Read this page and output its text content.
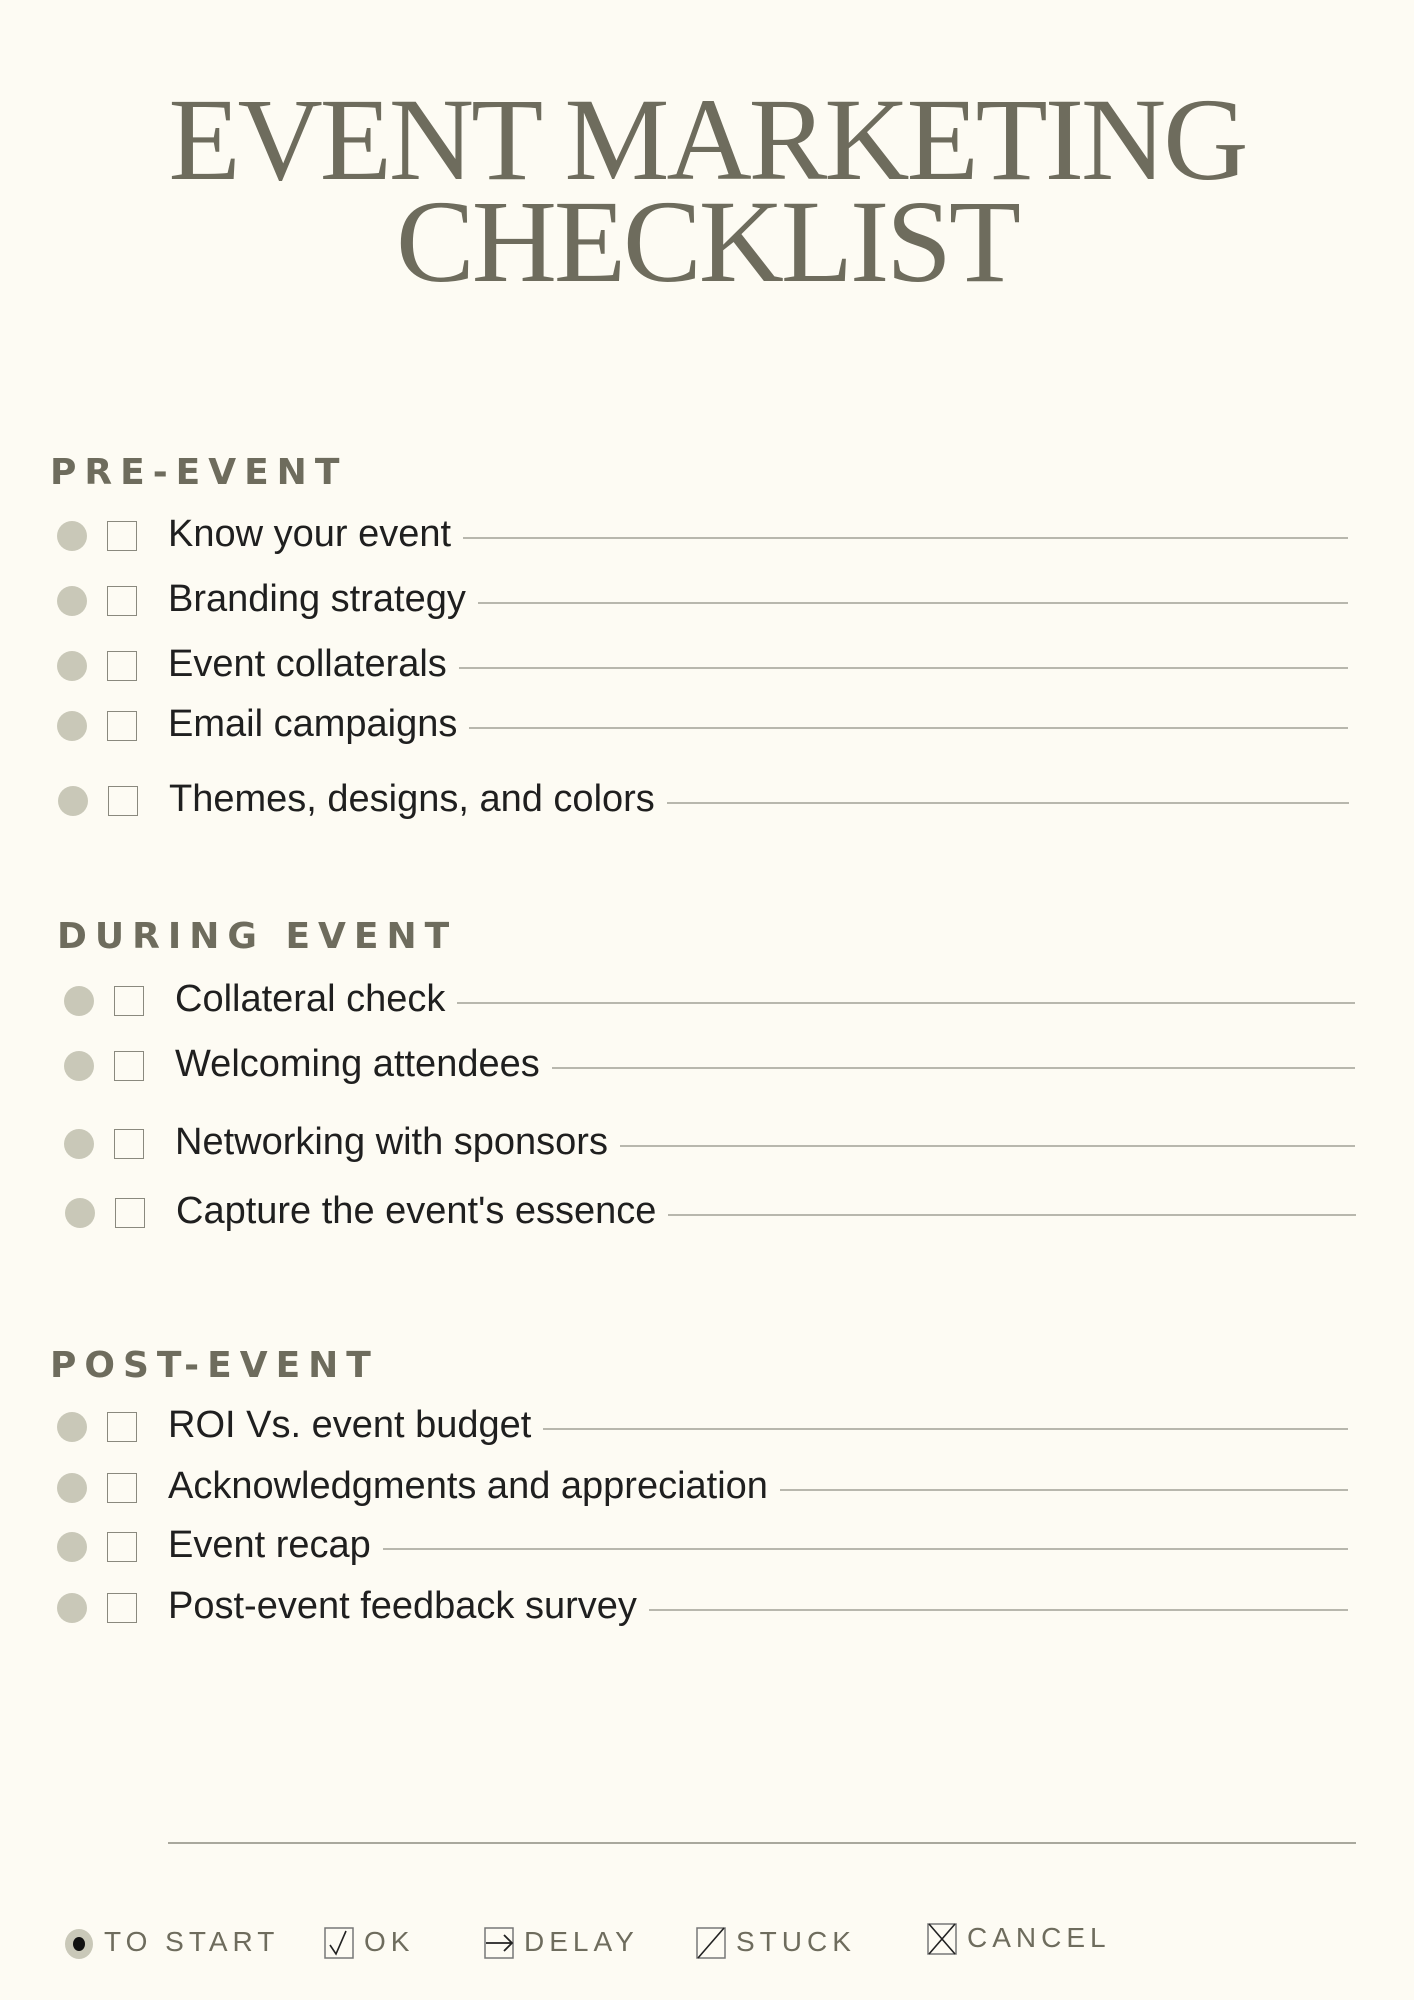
EVENT MARKETING
CHECKLIST
PRE-EVENT
Know your event
Branding strategy
Event collaterals
Email campaigns
Themes, designs, and colors
DURING EVENT
Collateral check
Welcoming attendees
Networking with sponsors
Capture the event's essence
POST-EVENT
ROI Vs. event budget
Acknowledgments and appreciation
Event recap
Post-event feedback survey
TO START	OK	DELAY	STUCK	CANCEL
